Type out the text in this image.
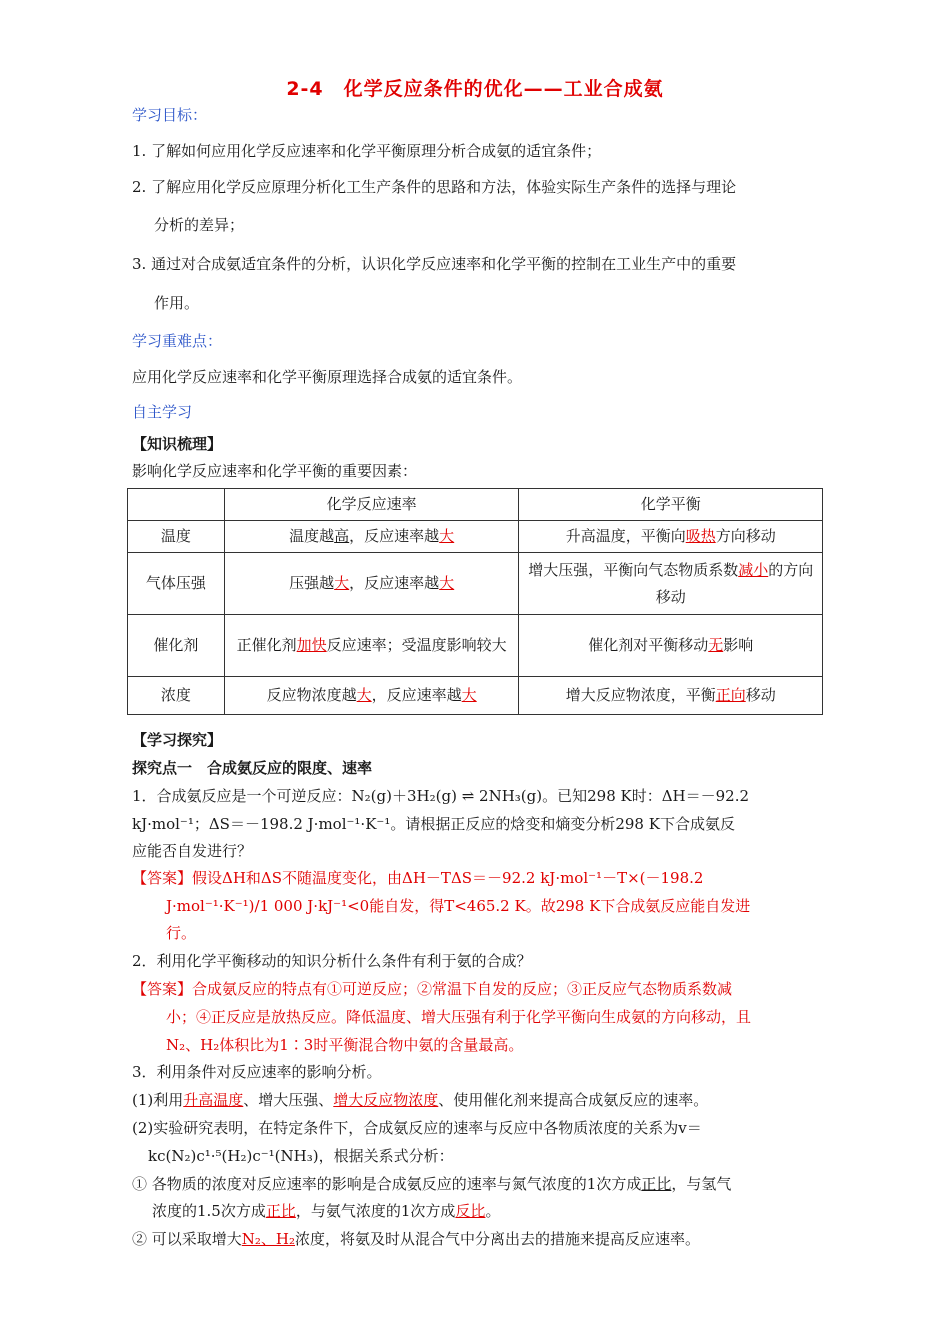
2-4　化学反应条件的优化——工业合成氨
学习目标：
1. 了解如何应用化学反应速率和化学平衡原理分析合成氨的适宜条件；
2. 了解应用化学反应原理分析化工生产条件的思路和方法，体验实际生产条件的选择与理论
分析的差异；
3. 通过对合成氨适宜条件的分析，认识化学反应速率和化学平衡的控制在工业生产中的重要
作用。
学习重难点：
应用化学反应速率和化学平衡原理选择合成氨的适宜条件。
自主学习
【知识梳理】
影响化学反应速率和化学平衡的重要因素：
	化学反应速率	化学平衡
温度	温度越高，反应速率越大	升高温度，平衡向吸热方向移动
气体压强	压强越大，反应速率越大	增大压强，平衡向气态物质系数减小的方向移动
催化剂	正催化剂加快反应速率；受温度影响较大	催化剂对平衡移动无影响
浓度	反应物浓度越大，反应速率越大	增大反应物浓度，平衡正向移动
【学习探究】
探究点一　合成氨反应的限度、速率
1．合成氨反应是一个可逆反应：N₂(g)＋3H₂(g) ⇌ 2NH₃(g)。已知298 K时：ΔH＝－92.2
kJ·mol⁻¹；ΔS＝－198.2 J·mol⁻¹·K⁻¹。请根据正反应的焓变和熵变分析298 K下合成氨反
应能否自发进行？
【答案】假设ΔH和ΔS不随温度变化，由ΔH－TΔS＝－92.2 kJ·mol⁻¹－T×(－198.2
J·mol⁻¹·K⁻¹)/1 000 J·kJ⁻¹<0能自发，得T<465.2 K。故298 K下合成氨反应能自发进
行。
2．利用化学平衡移动的知识分析什么条件有利于氨的合成？
【答案】合成氨反应的特点有①可逆反应；②常温下自发的反应；③正反应气态物质系数减
小；④正反应是放热反应。降低温度、增大压强有利于化学平衡向生成氨的方向移动，且
N₂、H₂体积比为1∶3时平衡混合物中氨的含量最高。
3．利用条件对反应速率的影响分析。
(1)利用升高温度、增大压强、增大反应物浓度、使用催化剂来提高合成氨反应的速率。
(2)实验研究表明，在特定条件下，合成氨反应的速率与反应中各物质浓度的关系为v＝
kc(N₂)c¹·⁵(H₂)c⁻¹(NH₃)，根据关系式分析：
① 各物质的浓度对反应速率的影响是合成氨反应的速率与氮气浓度的1次方成正比，与氢气
浓度的1.5次方成正比，与氨气浓度的1次方成反比。
② 可以采取增大N₂、H₂浓度，将氨及时从混合气中分离出去的措施来提高反应速率。
